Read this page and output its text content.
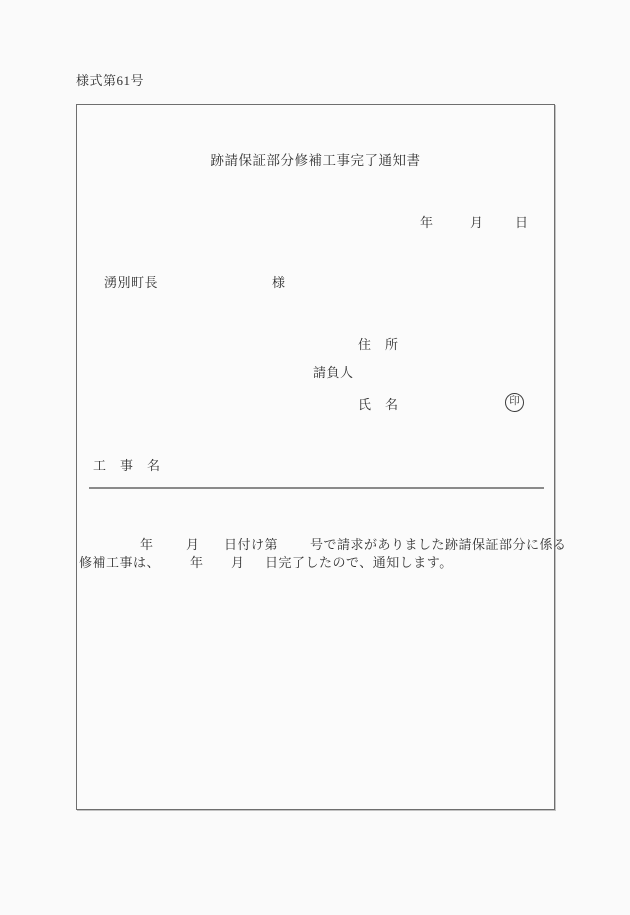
様式第61号
跡請保証部分修補工事完了通知書
年	月 日
湧別町長	様
住　所
請負人
氏　名	印
工　事　名
年 月 日付け第 号で請求がありました跡請保証部分に係る
修補工事は、 年 月 日完了したので、通知します。
